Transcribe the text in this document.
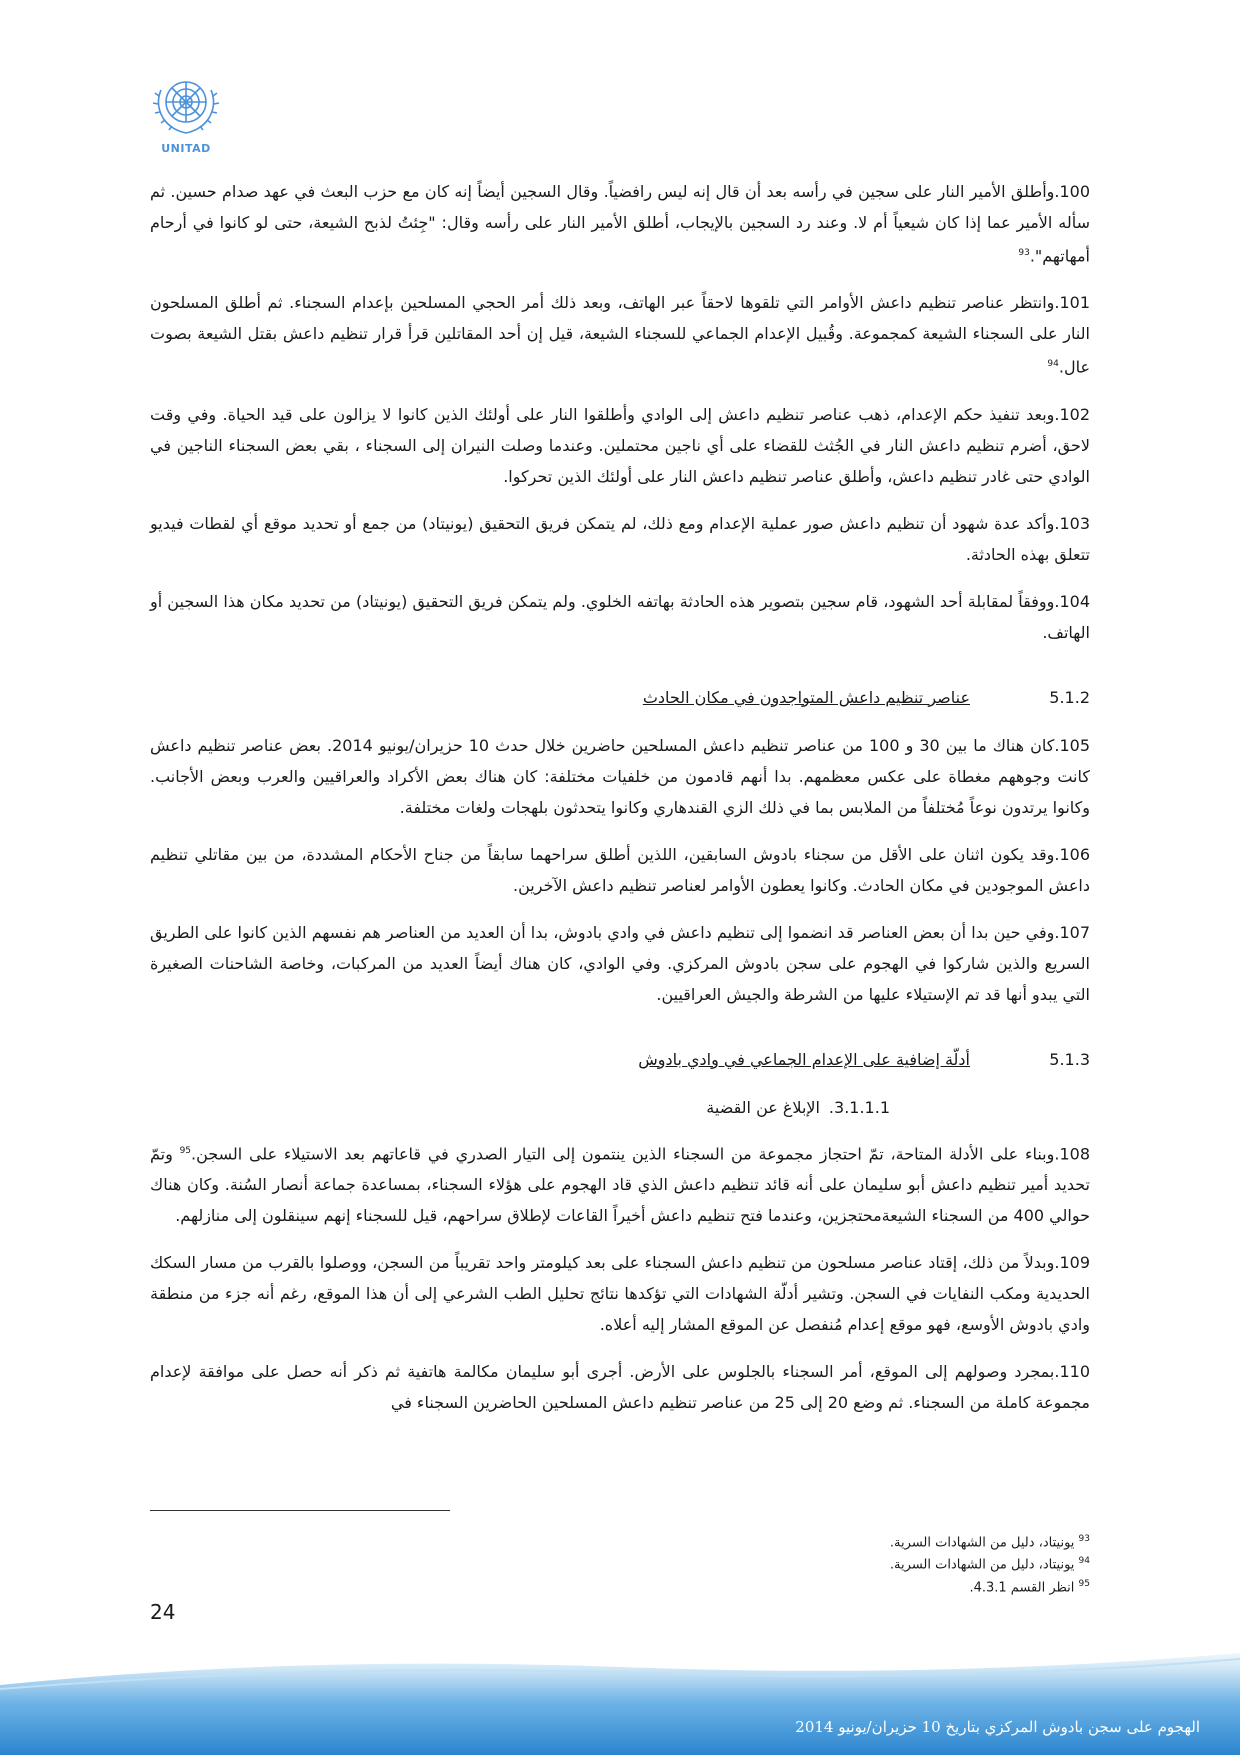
UNITAD
100.وأطلق الأمير النار على سجين في رأسه بعد أن قال إنه ليس رافضياً. وقال السجين أيضاً إنه كان مع حزب البعث في عهد صدام حسين. ثم سأله الأمير عما إذا كان شيعياً أم لا. وعند رد السجين بالإيجاب، أطلق الأمير النار على رأسه وقال: "جِئتُ لذبح الشيعة، حتى لو كانوا في أرحام أمهاتهم".$^{93}$
101.وانتظر عناصر تنظيم داعش الأوامر التي تلقوها لاحقاً عبر الهاتف، وبعد ذلك أمر الحجي المسلحين بإعدام السجناء. ثم أطلق المسلحون النار على السجناء الشيعة كمجموعة. وقُبيل الإعدام الجماعي للسجناء الشيعة، قيل إن أحد المقاتلين قرأ قرار تنظيم داعش بقتل الشيعة بصوت عال.$^{94}$
102.وبعد تنفيذ حكم الإعدام، ذهب عناصر تنظيم داعش إلى الوادي وأطلقوا النار على أولئك الذين كانوا لا يزالون على قيد الحياة. وفي وقت لاحق، أضرم تنظيم داعش النار في الجُثث للقضاء على أي ناجين محتملين. وعندما وصلت النيران إلى السجناء ، بقي بعض السجناء الناجين في الوادي حتى غادر تنظيم داعش، وأطلق عناصر تنظيم داعش النار على أولئك الذين تحركوا.
103.وأكد عدة شهود أن تنظيم داعش صور عملية الإعدام ومع ذلك، لم يتمكن فريق التحقيق (يونيتاد) من جمع أو تحديد موقع أي لقطات فيديو تتعلق بهذه الحادثة.
104.ووفقاً لمقابلة أحد الشهود، قام سجين بتصوير هذه الحادثة بهاتفه الخلوي. ولم يتمكن فريق التحقيق (يونيتاد) من تحديد مكان هذا السجين أو الهاتف.
5.1.2
عناصر تنظيم داعش المتواجدون في مكان الحادث
105.كان هناك ما بين 30 و 100 من عناصر تنظيم داعش المسلحين حاضرين خلال حدث 10 حزيران/يونيو 2014. بعض عناصر تنظيم داعش كانت وجوههم مغطاة على عكس معظمهم. بدا أنهم قادمون من خلفيات مختلفة: كان هناك بعض الأكراد والعراقيين والعرب وبعض الأجانب. وكانوا يرتدون نوعاً مُختلفاً من الملابس بما في ذلك الزي القندهاري وكانوا يتحدثون بلهجات ولغات مختلفة.
106.وقد يكون اثنان على الأقل من سجناء بادوش السابقين، اللذين أطلق سراحهما سابقاً من جناح الأحكام المشددة، من بين مقاتلي تنظيم داعش الموجودين في مكان الحادث. وكانوا يعطون الأوامر لعناصر تنظيم داعش الآخرين.
107.وفي حين بدا أن بعض العناصر قد انضموا إلى تنظيم داعش في وادي بادوش، بدا أن العديد من العناصر هم نفسهم الذين كانوا على الطريق السريع والذين شاركوا في الهجوم على سجن بادوش المركزي. وفي الوادي، كان هناك أيضاً العديد من المركبات، وخاصة الشاحنات الصغيرة التي يبدو أنها قد تم الإستيلاء عليها من الشرطة والجيش العراقيين.
5.1.3
أدلّة إضافية على الإعدام الجماعي في وادي بادوش
3.1.1.1.
الإبلاغ عن القضية
108.وبناء على الأدلة المتاحة، تمّ احتجاز مجموعة من السجناء الذين ينتمون إلى التيار الصدري في قاعاتهم بعد الاستيلاء على السجن.$^{95}$ وتمّ تحديد أمير تنظيم داعش أبو سليمان على أنه قائد تنظيم داعش الذي قاد الهجوم على هؤلاء السجناء، بمساعدة جماعة أنصار السُنة. وكان هناك حوالي 400 من السجناء الشيعةمحتجزين، وعندما فتح تنظيم داعش أخيراً القاعات لإطلاق سراحهم، قيل للسجناء إنهم سينقلون إلى منازلهم.
109.وبدلاً من ذلك، إقتاد عناصر مسلحون من تنظيم داعش السجناء على بعد كيلومتر واحد تقريباً من السجن، ووصلوا بالقرب من مسار السكك الحديدية ومكب النفايات في السجن. وتشير أدلّة الشهادات التي تؤكدها نتائج تحليل الطب الشرعي إلى أن هذا الموقع، رغم أنه جزء من منطقة وادي بادوش الأوسع، فهو موقع إعدام مُنفصل عن الموقع المشار إليه أعلاه.
110.بمجرد وصولهم إلى الموقع، أمر السجناء بالجلوس على الأرض. أجرى أبو سليمان مكالمة هاتفية ثم ذكر أنه حصل على موافقة لإعدام مجموعة كاملة من السجناء. ثم وضع 20 إلى 25 من عناصر تنظيم داعش المسلحين الحاضرين السجناء في
$^{93}$ يونيتاد، دليل من الشهادات السرية.
$^{94}$ يونيتاد، دليل من الشهادات السرية.
$^{95}$ انظر القسم 4.3.1.
24
الهجوم على سجن بادوش المركزي بتاريخ 10 حزيران/يونيو 2014
